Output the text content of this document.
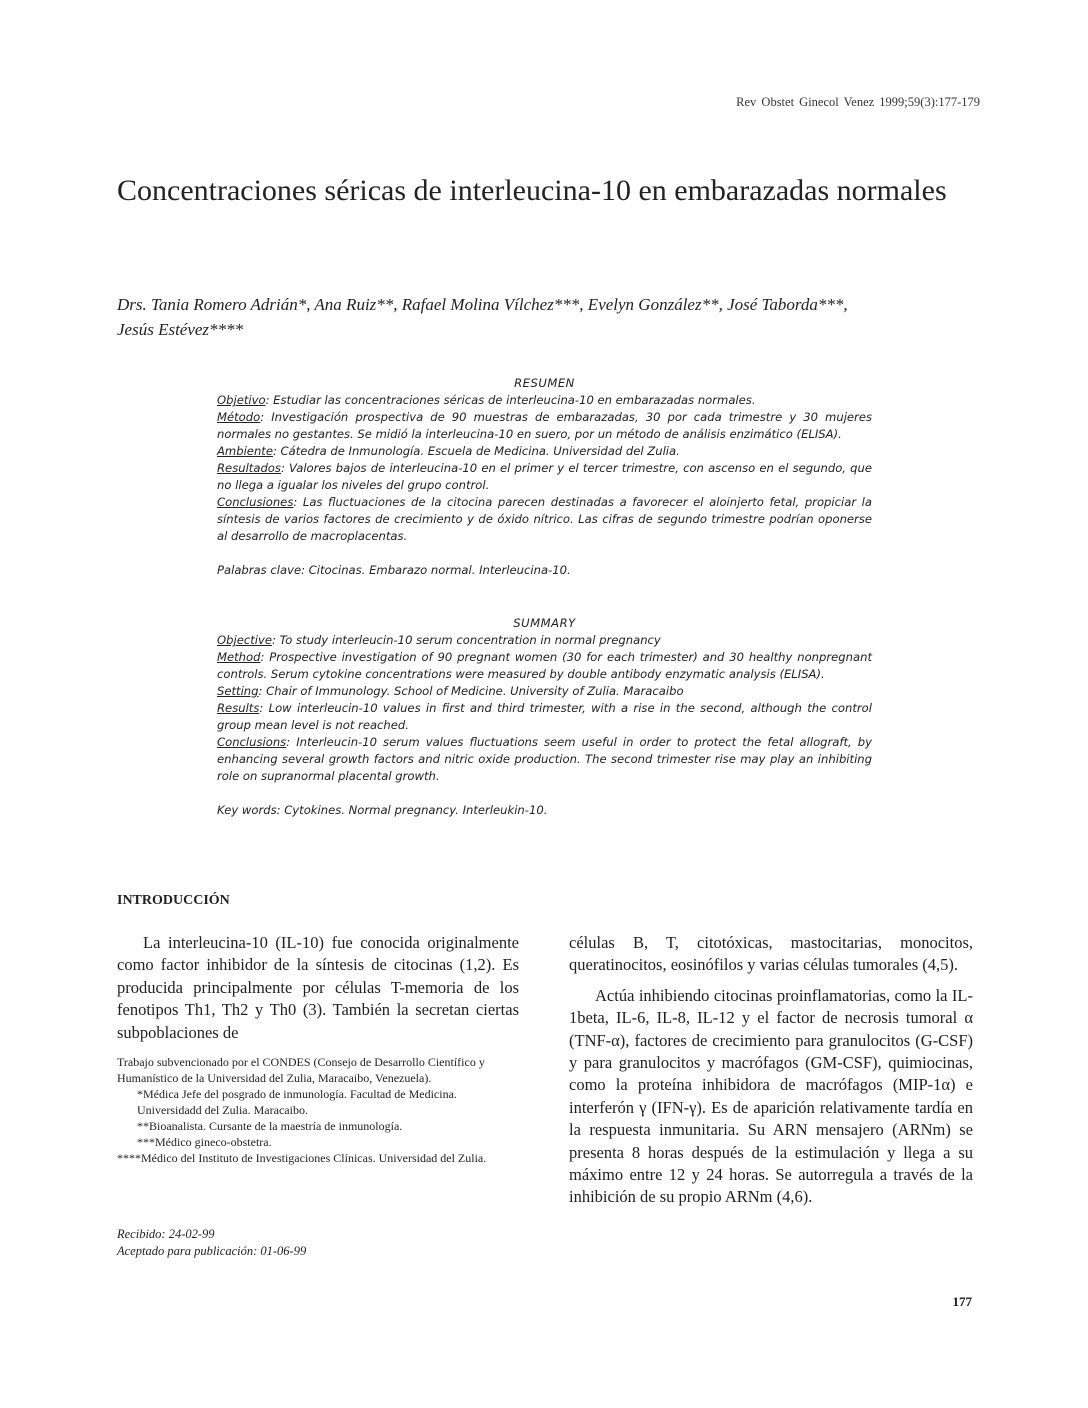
Rev Obstet Ginecol Venez 1999;59(3):177-179
Concentraciones séricas de interleucina-10 en embarazadas normales
Drs. Tania Romero Adrián*, Ana Ruiz**, Rafael Molina Vílchez***, Evelyn González**, José Taborda***,
Jesús Estévez****

RESUMEN

Objetivo: Estudiar las concentraciones séricas de interleucina-10 en embarazadas normales.

Método: Investigación prospectiva de 90 muestras de embarazadas, 30 por cada trimestre y 30 mujeres normales no gestantes. Se midió la interleucina-10 en suero, por un método de análisis enzimático (ELISA).

Ambiente: Cátedra de Inmunología. Escuela de Medicina. Universidad del Zulia.

Resultados: Valores bajos de interleucina-10 en el primer y el tercer trimestre, con ascenso en el segundo, que no llega a igualar los niveles del grupo control.

Conclusiones: Las fluctuaciones de la citocina parecen destinadas a favorecer el aloinjerto fetal, propiciar la síntesis de varios factores de crecimiento y de óxido nítrico. Las cifras de segundo trimestre podrían oponerse al desarrollo de macroplacentas.

Palabras clave: Citocinas. Embarazo normal. Interleucina-10.

SUMMARY

Objective: To study interleucin-10 serum concentration in normal pregnancy

Method: Prospective investigation of 90 pregnant women (30 for each trimester) and 30 healthy nonpregnant controls. Serum cytokine concentrations were measured by double antibody enzymatic analysis (ELISA).

Setting: Chair of Immunology. School of Medicine. University of Zulia. Maracaibo

Results: Low interleucin-10 values in first and third trimester, with a rise in the second, although the control group mean level is not reached.

Conclusions: Interleucin-10 serum values fluctuations seem useful in order to protect the fetal allograft, by enhancing several growth factors and nitric oxide production. The second trimester rise may play an inhibiting role on supranormal placental growth.

Key words: Cytokines. Normal pregnancy. Interleukin-10.

INTRODUCCIÓN

La interleucina-10 (IL-10) fue conocida originalmente como factor inhibidor de la síntesis de citocinas (1,2). Es producida principalmente por células T-memoria de los fenotipos Th1, Th2 y Th0 (3). También la secretan ciertas subpoblaciones de

células B, T, citotóxicas, mastocitarias, monocitos, queratinocitos, eosinófilos y varias células tumorales (4,5).

Actúa inhibiendo citocinas proinflamatorias, como la IL-1beta, IL-6, IL-8, IL-12 y el factor de necrosis tumoral α (TNF-α), factores de crecimiento para granulocitos (G-CSF) y para granulocitos y macrófagos (GM-CSF), quimiocinas, como la proteína inhibidora de macrófagos (MIP-1α) e interferón γ (IFN-γ). Es de aparición relativamente tardía en la respuesta inmunitaria. Su ARN mensajero (ARNm) se presenta 8 horas después de la estimulación y llega a su máximo entre 12 y 24 horas. Se autorregula a través de la inhibición de su propio ARNm (4,6).

Trabajo subvencionado por el CONDES (Consejo de Desarrollo Científico y Humanístico de la Universidad del Zulia, Maracaibo, Venezuela).

*Médica Jefe del posgrado de inmunología. Facultad de Medicina. Universidadd del Zulia. Maracaibo.

**Bioanalista. Cursante de la maestría de inmunología.

***Médico gineco-obstetra.

****Médico del Instituto de Investigaciones Clínicas. Universidad del Zulia.

Recibido: 24-02-99
Aceptado para publicación: 01-06-99
177
